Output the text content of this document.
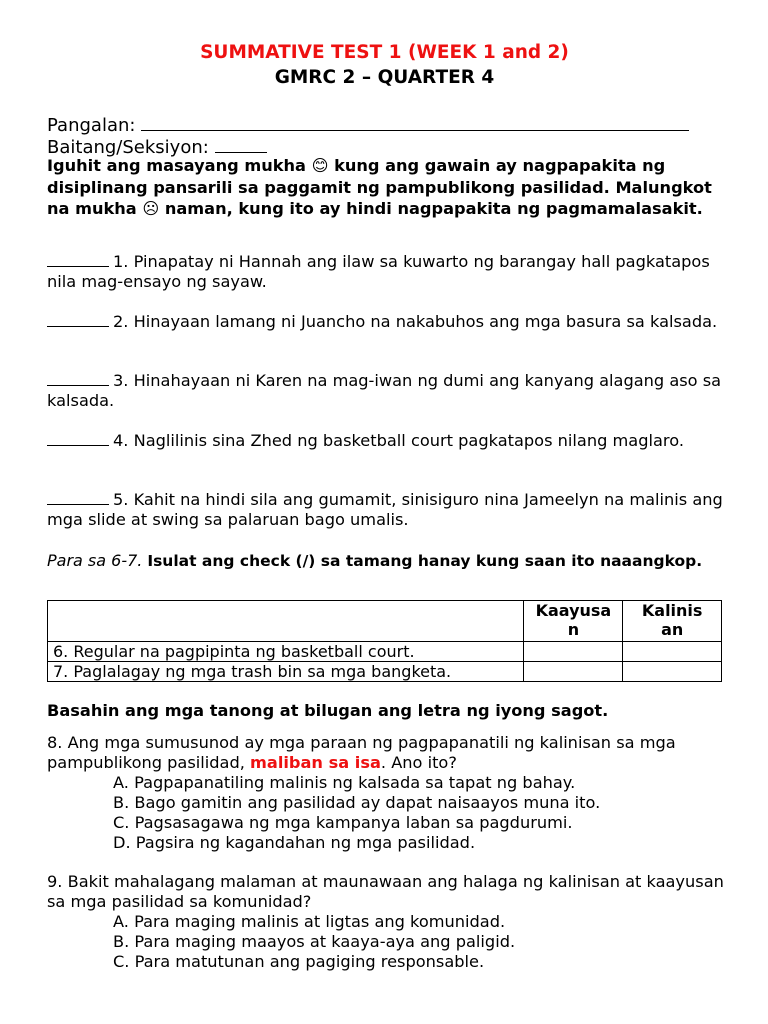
SUMMATIVE TEST 1 (WEEK 1 and 2)
GMRC 2 – QUARTER 4
Pangalan:
Baitang/Seksiyon:
Iguhit ang masayang mukha 😊 kung ang gawain ay nagpapakita ng disiplinang pansarili sa paggamit ng pampublikong pasilidad. Malungkot na mukha ☹ naman, kung ito ay hindi nagpapakita ng pagmamalasakit.
1. Pinapatay ni Hannah ang ilaw sa kuwarto ng barangay hall pagkatapos nila mag-ensayo ng sayaw.
2. Hinayaan lamang ni Juancho na nakabuhos ang mga basura sa kalsada.
3. Hinahayaan ni Karen na mag-iwan ng dumi ang kanyang alagang aso sa kalsada.
4. Naglilinis sina Zhed ng basketball court pagkatapos nilang maglaro.
5. Kahit na hindi sila ang gumamit, sinisiguro nina Jameelyn na malinis ang mga slide at swing sa palaruan bago umalis.
Para sa 6-7. Isulat ang check (/) sa tamang hanay kung saan ito naaangkop.
	Kaayusa n	Kalinis an
6. Regular na pagpipinta ng basketball court.		
7. Paglalagay ng mga trash bin sa mga bangketa.		
Basahin ang mga tanong at bilugan ang letra ng iyong sagot.
8. Ang mga sumusunod ay mga paraan ng pagpapanatili ng kalinisan sa mga pampublikong pasilidad, maliban sa isa. Ano ito?
A. Pagpapanatiling malinis ng kalsada sa tapat ng bahay.
B. Bago gamitin ang pasilidad ay dapat naisaayos muna ito.
C. Pagsasagawa ng mga kampanya laban sa pagdurumi.
D. Pagsira ng kagandahan ng mga pasilidad.
9. Bakit mahalagang malaman at maunawaan ang halaga ng kalinisan at kaayusan sa mga pasilidad sa komunidad?
A. Para maging malinis at ligtas ang komunidad.
B. Para maging maayos at kaaya-aya ang paligid.
C. Para matutunan ang pagiging responsable.
